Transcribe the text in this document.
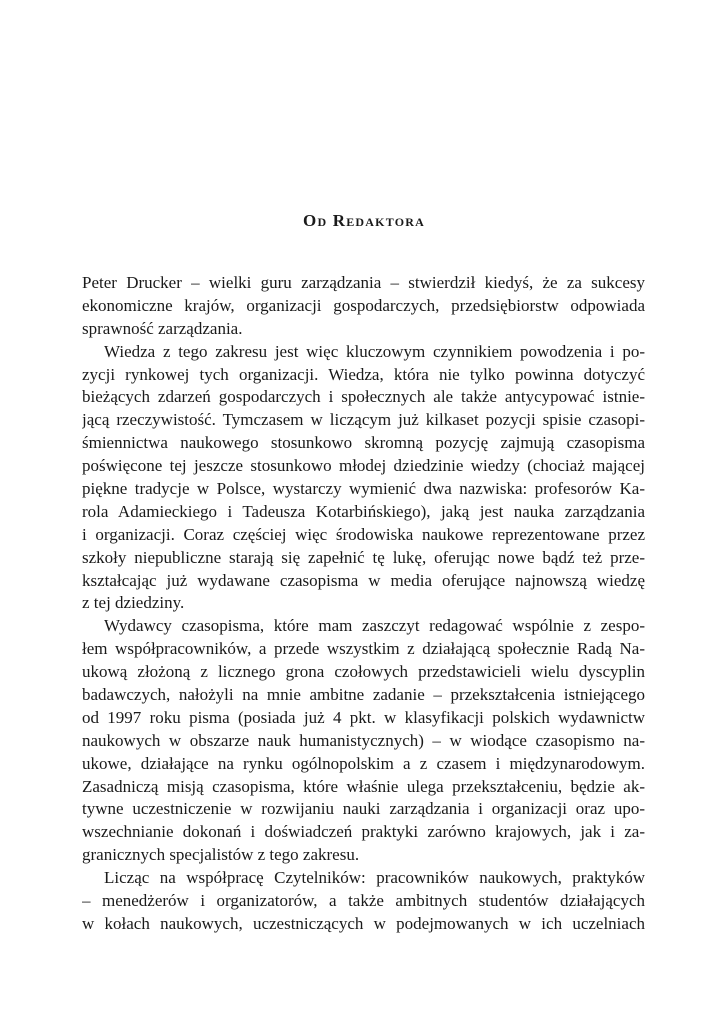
Od Redaktora
Peter Drucker – wielki guru zarządzania – stwierdził kiedyś, że za sukcesy
ekonomiczne krajów, organizacji gospodarczych, przedsiębiorstw odpowiada
sprawność zarządzania.
Wiedza z tego zakresu jest więc kluczowym czynnikiem powodzenia i po-
zycji rynkowej tych organizacji. Wiedza, która nie tylko powinna dotyczyć
bieżących zdarzeń gospodarczych i społecznych ale także antycypować istnie-
jącą rzeczywistość. Tymczasem w liczącym już kilkaset pozycji spisie czasopi-
śmiennictwa naukowego stosunkowo skromną pozycję zajmują czasopisma
poświęcone tej jeszcze stosunkowo młodej dziedzinie wiedzy (chociaż mającej
piękne tradycje w Polsce, wystarczy wymienić dwa nazwiska: profesorów Ka-
rola Adamieckiego i Tadeusza Kotarbińskiego), jaką jest nauka zarządzania
i organizacji. Coraz częściej więc środowiska naukowe reprezentowane przez
szkoły niepubliczne starają się zapełnić tę lukę, oferując nowe bądź też prze-
kształcając już wydawane czasopisma w media oferujące najnowszą wiedzę
z tej dziedziny.
Wydawcy czasopisma, które mam zaszczyt redagować wspólnie z zespo-
łem współpracowników, a przede wszystkim z działającą społecznie Radą Na-
ukową złożoną z licznego grona czołowych przedstawicieli wielu dyscyplin
badawczych, nałożyli na mnie ambitne zadanie – przekształcenia istniejącego
od 1997 roku pisma (posiada już 4 pkt. w klasyfikacji polskich wydawnictw
naukowych w obszarze nauk humanistycznych) – w wiodące czasopismo na-
ukowe, działające na rynku ogólnopolskim a z czasem i międzynarodowym.
Zasadniczą misją czasopisma, które właśnie ulega przekształceniu, będzie ak-
tywne uczestniczenie w rozwijaniu nauki zarządzania i organizacji oraz upo-
wszechnianie dokonań i doświadczeń praktyki zarówno krajowych, jak i za-
granicznych specjalistów z tego zakresu.
Licząc na współpracę Czytelników: pracowników naukowych, praktyków
– menedżerów i organizatorów, a także ambitnych studentów działających
w kołach naukowych, uczestniczących w podejmowanych w ich uczelniach
